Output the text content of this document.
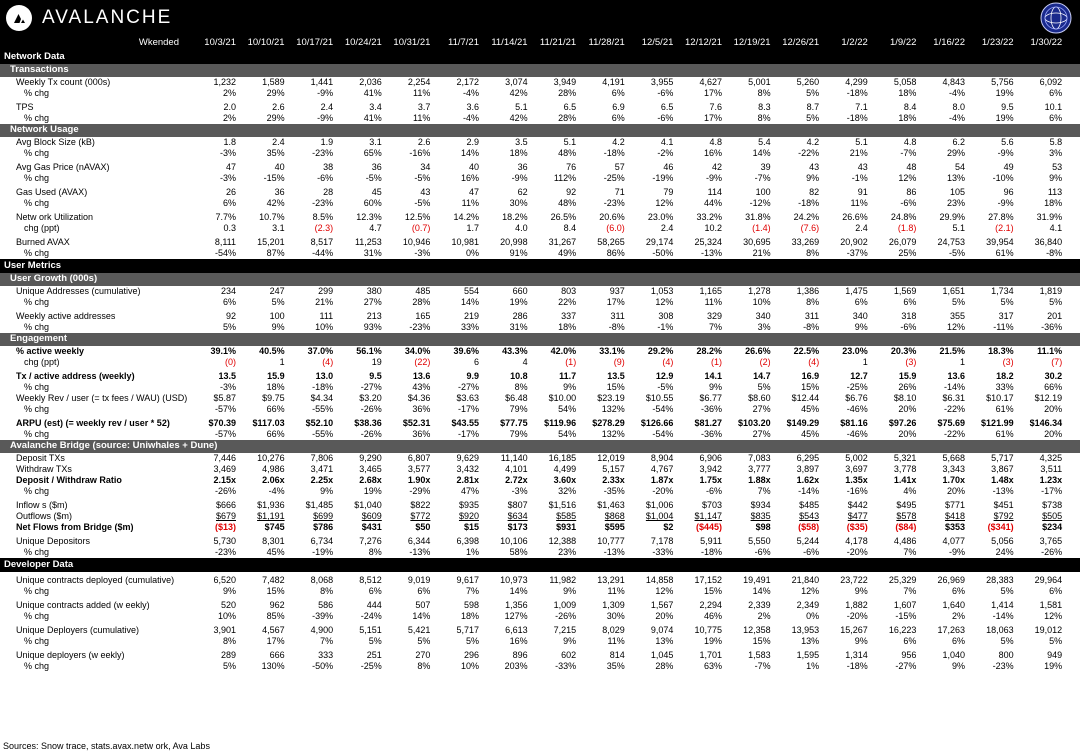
AVALANCHE
Wkended	10/3/21	10/10/21	10/17/21	10/24/21	10/31/21	11/7/21	11/14/21	11/21/21	11/28/21	12/5/21	12/12/21	12/19/21	12/26/21	1/2/22	1/9/22	1/16/22	1/23/22	1/30/22
Network Data
Transactions
Weekly Tx count (000s)	1,232	1,589	1,441	2,036	2,254	2,172	3,074	3,949	4,191	3,955	4,627	5,001	5,260	4,299	5,058	4,843	5,756	6,092
% chg	2%	29%	-9%	41%	11%	-4%	42%	28%	6%	-6%	17%	8%	5%	-18%	18%	-4%	19%	6%
TPS	2.0	2.6	2.4	3.4	3.7	3.6	5.1	6.5	6.9	6.5	7.6	8.3	8.7	7.1	8.4	8.0	9.5	10.1
% chg	2%	29%	-9%	41%	11%	-4%	42%	28%	6%	-6%	17%	8%	5%	-18%	18%	-4%	19%	6%
Network Usage
Avg Block Size (kB)	1.8	2.4	1.9	3.1	2.6	2.9	3.5	5.1	4.2	4.1	4.8	5.4	4.2	5.1	4.8	6.2	5.6	5.8
% chg	-3%	35%	-23%	65%	-16%	14%	18%	48%	-18%	-2%	16%	14%	-22%	21%	-7%	29%	-9%	3%
Avg Gas Price (nAVAX)	47	40	38	36	34	40	36	76	57	46	42	39	43	43	48	54	49	53
% chg	-3%	-15%	-6%	-5%	-5%	16%	-9%	112%	-25%	-19%	-9%	-7%	9%	-1%	12%	13%	-10%	9%
Gas Used (AVAX)	26	36	28	45	43	47	62	92	71	79	114	100	82	91	86	105	96	113
% chg	6%	42%	-23%	60%	-5%	11%	30%	48%	-23%	12%	44%	-12%	-18%	11%	-6%	23%	-9%	18%
Netw ork Utilization	7.7%	10.7%	8.5%	12.3%	12.5%	14.2%	18.2%	26.5%	20.6%	23.0%	33.2%	31.8%	24.2%	26.6%	24.8%	29.9%	27.8%	31.9%
chg (ppt)	0.3	3.1	(2.3)	4.7	(0.7)	1.7	4.0	8.4	(6.0)	2.4	10.2	(1.4)	(7.6)	2.4	(1.8)	5.1	(2.1)	4.1
Burned AVAX	8,111	15,201	8,517	11,253	10,946	10,981	20,998	31,267	58,265	29,174	25,324	30,695	33,269	20,902	26,079	24,753	39,954	36,840
% chg	-54%	87%	-44%	31%	-3%	0%	91%	49%	86%	-50%	-13%	21%	8%	-37%	25%	-5%	61%	-8%
User Metrics
User Growth (000s)
Unique Addresses (cumulative)	234	247	299	380	485	554	660	803	937	1,053	1,165	1,278	1,386	1,475	1,569	1,651	1,734	1,819
% chg	6%	5%	21%	27%	28%	14%	19%	22%	17%	12%	11%	10%	8%	6%	6%	5%	5%	5%
Weekly active addresses	92	100	111	213	165	219	286	337	311	308	329	340	311	340	318	355	317	201
% chg	5%	9%	10%	93%	-23%	33%	31%	18%	-8%	-1%	7%	3%	-8%	9%	-6%	12%	-11%	-36%
Engagement
% active weekly	39.1%	40.5%	37.0%	56.1%	34.0%	39.6%	43.3%	42.0%	33.1%	29.2%	28.2%	26.6%	22.5%	23.0%	20.3%	21.5%	18.3%	11.1%
chg (ppt)	(0)	1	(4)	19	(22)	6	4	(1)	(9)	(4)	(1)	(2)	(4)	1	(3)	1	(3)	(7)
Tx / active address (weekly)	13.5	15.9	13.0	9.5	13.6	9.9	10.8	11.7	13.5	12.9	14.1	14.7	16.9	12.7	15.9	13.6	18.2	30.2
% chg	-3%	18%	-18%	-27%	43%	-27%	8%	9%	15%	-5%	9%	5%	15%	-25%	26%	-14%	33%	66%
Weekly Rev / user (= tx fees / WAU) (USD)	$5.87	$9.75	$4.34	$3.20	$4.36	$3.63	$6.48	$10.00	$23.19	$10.55	$6.77	$8.60	$12.44	$6.76	$8.10	$6.31	$10.17	$12.19
% chg	-57%	66%	-55%	-26%	36%	-17%	79%	54%	132%	-54%	-36%	27%	45%	-46%	20%	-22%	61%	20%
ARPU (est) (= weekly rev / user * 52)	$70.39	$117.03	$52.10	$38.36	$52.31	$43.55	$77.75	$119.96	$278.29	$126.66	$81.27	$103.20	$149.29	$81.16	$97.26	$75.69	$121.99	$146.34
% chg	-57%	66%	-55%	-26%	36%	-17%	79%	54%	132%	-54%	-36%	27%	45%	-46%	20%	-22%	61%	20%
Avalanche Bridge (source: Uniwhales + Dune)
Deposit TXs	7,446	10,276	7,806	9,290	6,807	9,629	11,140	16,185	12,019	8,904	6,906	7,083	6,295	5,002	5,321	5,668	5,717	4,325
Withdraw TXs	3,469	4,986	3,471	3,465	3,577	3,432	4,101	4,499	5,157	4,767	3,942	3,777	3,897	3,697	3,778	3,343	3,867	3,511
Deposit / Withdraw Ratio	2.15x	2.06x	2.25x	2.68x	1.90x	2.81x	2.72x	3.60x	2.33x	1.87x	1.75x	1.88x	1.62x	1.35x	1.41x	1.70x	1.48x	1.23x
% chg	-26%	-4%	9%	19%	-29%	47%	-3%	32%	-35%	-20%	-6%	7%	-14%	-16%	4%	20%	-13%	-17%
Inflow s ($m)	$666	$1,936	$1,485	$1,040	$822	$935	$807	$1,516	$1,463	$1,006	$703	$934	$485	$442	$495	$771	$451	$738
Outflows ($m)	$679	$1,191	$699	$609	$772	$920	$634	$585	$868	$1,004	$1,147	$835	$543	$477	$578	$418	$792	$505
Net Flows from Bridge ($m)	($13)	$745	$786	$431	$50	$15	$173	$931	$595	$2	($445)	$98	($58)	($35)	($84)	$353	($341)	$234
Unique Depositors	5,730	8,301	6,734	7,276	6,344	6,398	10,106	12,388	10,777	7,178	5,911	5,550	5,244	4,178	4,486	4,077	5,056	3,765
% chg	-23%	45%	-19%	8%	-13%	1%	58%	23%	-13%	-33%	-18%	-6%	-6%	-20%	7%	-9%	24%	-26%
Developer Data
Unique contracts deployed (cumulative)	6,520	7,482	8,068	8,512	9,019	9,617	10,973	11,982	13,291	14,858	17,152	19,491	21,840	23,722	25,329	26,969	28,383	29,964
% chg	9%	15%	8%	6%	6%	7%	14%	9%	11%	12%	15%	14%	12%	9%	7%	6%	5%	6%
Unique contracts added (w eekly)	520	962	586	444	507	598	1,356	1,009	1,309	1,567	2,294	2,339	2,349	1,882	1,607	1,640	1,414	1,581
% chg	10%	85%	-39%	-24%	14%	18%	127%	-26%	30%	20%	46%	2%	0%	-20%	-15%	2%	-14%	12%
Unique Deployers (cumulative)	3,901	4,567	4,900	5,151	5,421	5,717	6,613	7,215	8,029	9,074	10,775	12,358	13,953	15,267	16,223	17,263	18,063	19,012
% chg	8%	17%	7%	5%	5%	5%	16%	9%	11%	13%	19%	15%	13%	9%	6%	6%	5%	5%
Unique deployers (w eekly)	289	666	333	251	270	296	896	602	814	1,045	1,701	1,583	1,595	1,314	956	1,040	800	949
% chg	5%	130%	-50%	-25%	8%	10%	203%	-33%	35%	28%	63%	-7%	1%	-18%	-27%	9%	-23%	19%
Sources: Snow trace, stats.avax.netw ork, Ava Labs
